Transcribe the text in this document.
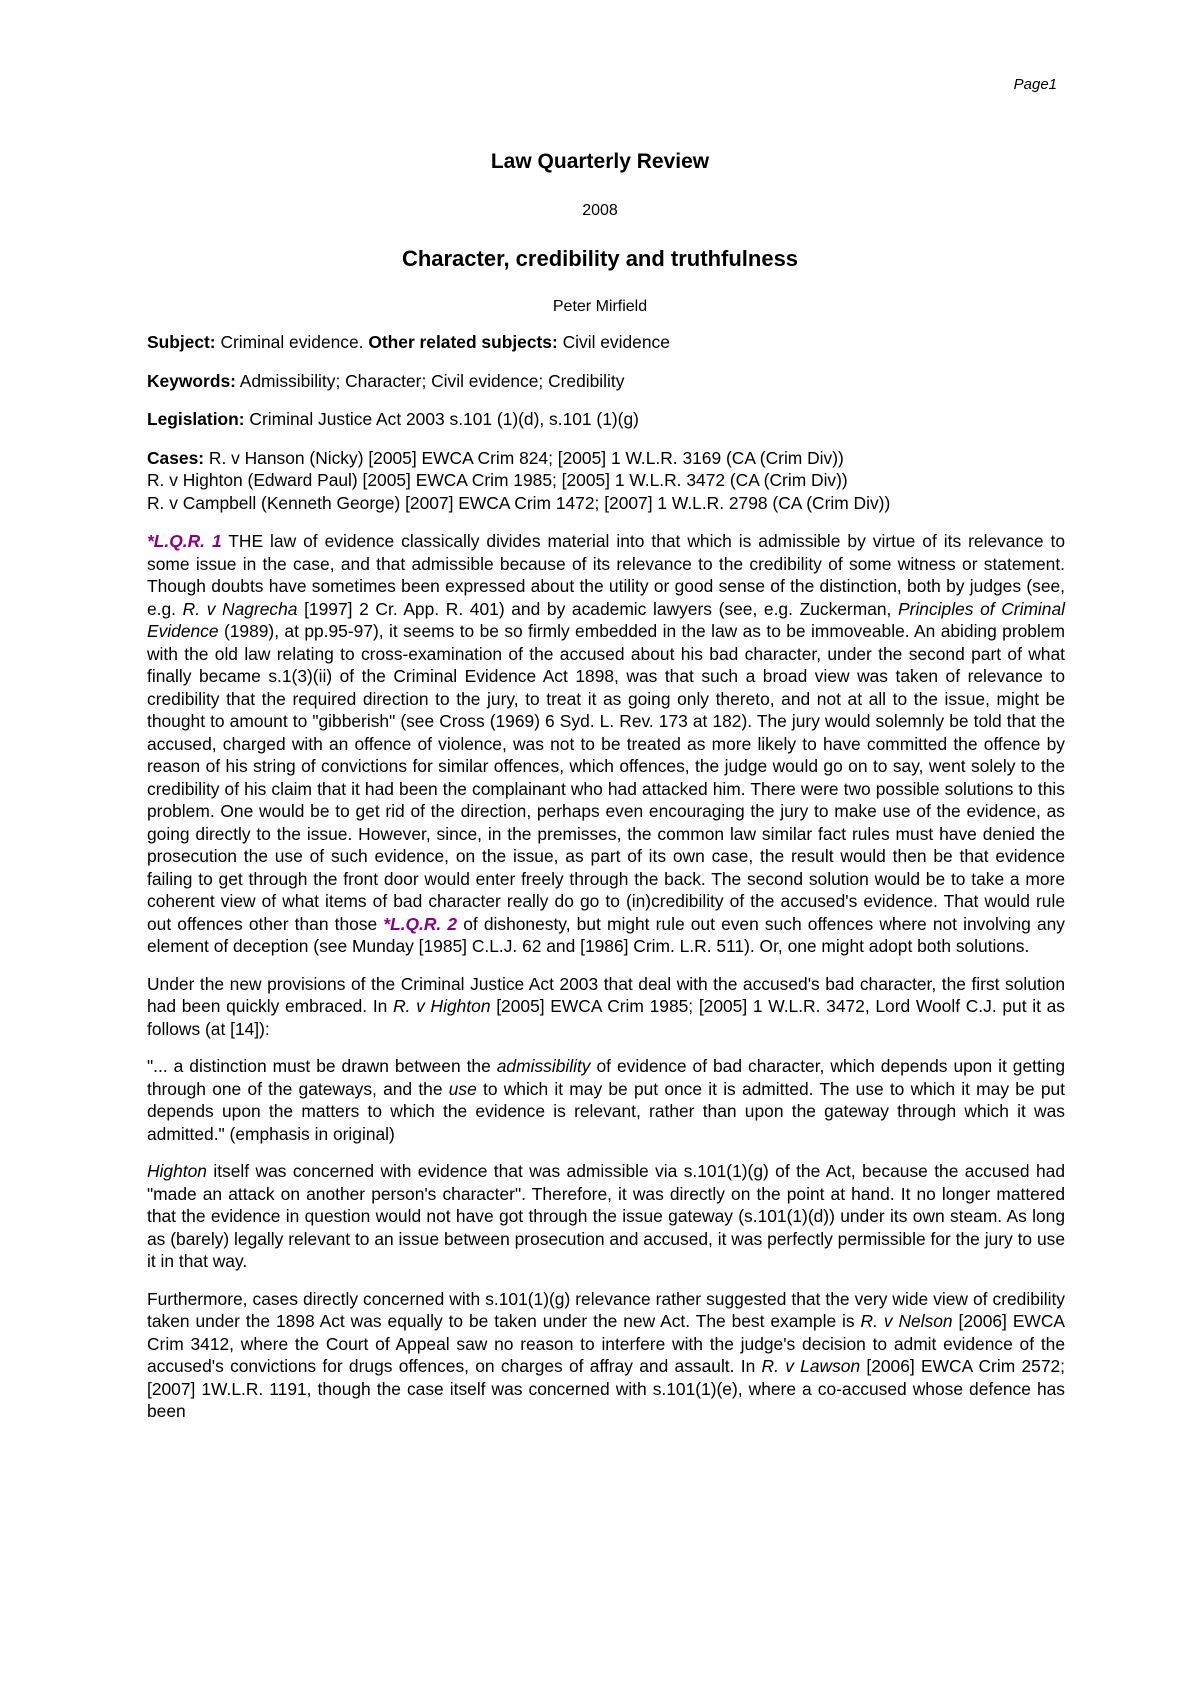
Page1
Law Quarterly Review
2008
Character, credibility and truthfulness
Peter Mirfield
Subject: Criminal evidence. Other related subjects: Civil evidence
Keywords: Admissibility; Character; Civil evidence; Credibility
Legislation: Criminal Justice Act 2003 s.101 (1)(d), s.101 (1)(g)
Cases: R. v Hanson (Nicky) [2005] EWCA Crim 824; [2005] 1 W.L.R. 3169 (CA (Crim Div))
R. v Highton (Edward Paul) [2005] EWCA Crim 1985; [2005] 1 W.L.R. 3472 (CA (Crim Div))
R. v Campbell (Kenneth George) [2007] EWCA Crim 1472; [2007] 1 W.L.R. 2798 (CA (Crim Div))

*L.Q.R. 1 THE law of evidence classically divides material into that which is admissible by virtue of its relevance to some issue in the case, and that admissible because of its relevance to the credibility of some witness or statement. Though doubts have sometimes been expressed about the utility or good sense of the distinction, both by judges (see, e.g. R. v Nagrecha [1997] 2 Cr. App. R. 401) and by academic lawyers (see, e.g. Zuckerman, Principles of Criminal Evidence (1989), at pp.95-97), it seems to be so firmly embedded in the law as to be immoveable. An abiding problem with the old law relating to cross-examination of the accused about his bad character, under the second part of what finally became s.1(3)(ii) of the Criminal Evidence Act 1898, was that such a broad view was taken of relevance to credibility that the required direction to the jury, to treat it as going only thereto, and not at all to the issue, might be thought to amount to "gibberish" (see Cross (1969) 6 Syd. L. Rev. 173 at 182). The jury would solemnly be told that the accused, charged with an offence of violence, was not to be treated as more likely to have committed the offence by reason of his string of convictions for similar offences, which offences, the judge would go on to say, went solely to the credibility of his claim that it had been the complainant who had attacked him. There were two possible solutions to this problem. One would be to get rid of the direction, perhaps even encouraging the jury to make use of the evidence, as going directly to the issue. However, since, in the premisses, the common law similar fact rules must have denied the prosecution the use of such evidence, on the issue, as part of its own case, the result would then be that evidence failing to get through the front door would enter freely through the back. The second solution would be to take a more coherent view of what items of bad character really do go to (in)credibility of the accused's evidence. That would rule out offences other than those *L.Q.R. 2 of dishonesty, but might rule out even such offences where not involving any element of deception (see Munday [1985] C.L.J. 62 and [1986] Crim. L.R. 511). Or, one might adopt both solutions.

Under the new provisions of the Criminal Justice Act 2003 that deal with the accused's bad character, the first solution had been quickly embraced. In R. v Highton [2005] EWCA Crim 1985; [2005] 1 W.L.R. 3472, Lord Woolf C.J. put it as follows (at [14]):

"... a distinction must be drawn between the admissibility of evidence of bad character, which depends upon it getting through one of the gateways, and the use to which it may be put once it is admitted. The use to which it may be put depends upon the matters to which the evidence is relevant, rather than upon the gateway through which it was admitted." (emphasis in original)

Highton itself was concerned with evidence that was admissible via s.101(1)(g) of the Act, because the accused had "made an attack on another person's character". Therefore, it was directly on the point at hand. It no longer mattered that the evidence in question would not have got through the issue gateway (s.101(1)(d)) under its own steam. As long as (barely) legally relevant to an issue between prosecution and accused, it was perfectly permissible for the jury to use it in that way.

Furthermore, cases directly concerned with s.101(1)(g) relevance rather suggested that the very wide view of credibility taken under the 1898 Act was equally to be taken under the new Act. The best example is R. v Nelson [2006] EWCA Crim 3412, where the Court of Appeal saw no reason to interfere with the judge's decision to admit evidence of the accused's convictions for drugs offences, on charges of affray and assault. In R. v Lawson [2006] EWCA Crim 2572; [2007] 1W.L.R. 1191, though the case itself was concerned with s.101(1)(e), where a co-accused whose defence has been
